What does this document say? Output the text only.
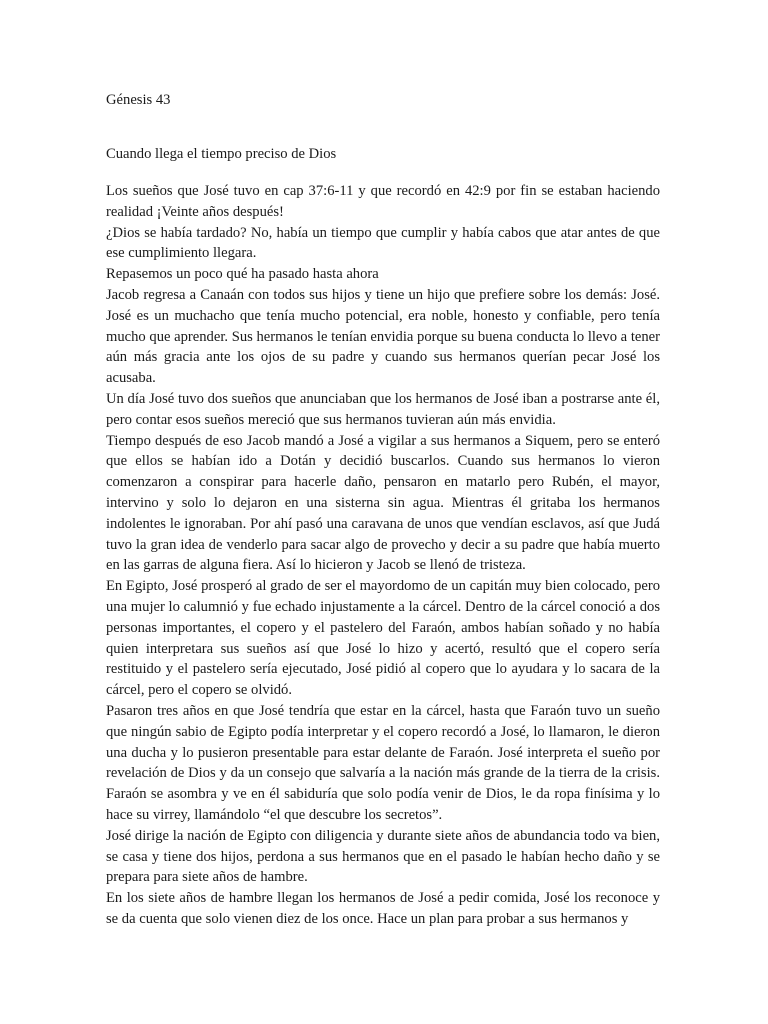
Génesis 43

Cuando llega el tiempo preciso de Dios

Los sueños que José tuvo en cap 37:6-11 y que recordó en 42:9 por fin se estaban haciendo realidad ¡Veinte años después!

¿Dios se había tardado? No, había un tiempo que cumplir y había cabos que atar antes de que ese cumplimiento llegara.

Repasemos un poco qué ha pasado hasta ahora

Jacob regresa a Canaán con todos sus hijos y tiene un hijo que prefiere sobre los demás: José. José es un muchacho que tenía mucho potencial, era noble, honesto y confiable, pero tenía mucho que aprender. Sus hermanos le tenían envidia porque su buena conducta lo llevo a tener aún más gracia ante los ojos de su padre y cuando sus hermanos querían pecar José los acusaba.

Un día José tuvo dos sueños que anunciaban que los hermanos de José iban a postrarse ante él, pero contar esos sueños mereció que sus hermanos tuvieran aún más envidia.

Tiempo después de eso Jacob mandó a José a vigilar a sus hermanos a Siquem, pero se enteró que ellos se habían ido a Dotán y decidió buscarlos. Cuando sus hermanos lo vieron comenzaron a conspirar para hacerle daño, pensaron en matarlo pero Rubén, el mayor, intervino y solo lo dejaron en una sisterna sin agua. Mientras él gritaba los hermanos indolentes le ignoraban. Por ahí pasó una caravana de unos que vendían esclavos, así que Judá tuvo la gran idea de venderlo para sacar algo de provecho y decir a su padre que había muerto en las garras de alguna fiera. Así lo hicieron y Jacob se llenó de tristeza.

En Egipto, José prosperó al grado de ser el mayordomo de un capitán muy bien colocado, pero una mujer lo calumnió y fue echado injustamente a la cárcel. Dentro de la cárcel conoció a dos personas importantes, el copero y el pastelero del Faraón, ambos habían soñado y no había quien interpretara sus sueños así que José lo hizo y acertó, resultó que el copero sería restituido y el pastelero sería ejecutado, José pidió al copero que lo ayudara y lo sacara de la cárcel, pero el copero se olvidó.

Pasaron tres años en que José tendría que estar en la cárcel, hasta que Faraón tuvo un sueño que ningún sabio de Egipto podía interpretar y el copero recordó a José, lo llamaron, le dieron una ducha y lo pusieron presentable para estar delante de Faraón. José interpreta el sueño por revelación de Dios y da un consejo que salvaría a la nación más grande de la tierra de la crisis. Faraón se asombra y ve en él sabiduría que solo podía venir de Dios, le da ropa finísima y lo hace su virrey, llamándolo “el que descubre los secretos”.

José dirige la nación de Egipto con diligencia y durante siete años de abundancia todo va bien, se casa y tiene dos hijos, perdona a sus hermanos que en el pasado le habían hecho daño y se prepara para siete años de hambre.

En los siete años de hambre llegan los hermanos de José a pedir comida, José los reconoce y se da cuenta que solo vienen diez de los once. Hace un plan para probar a sus hermanos y
